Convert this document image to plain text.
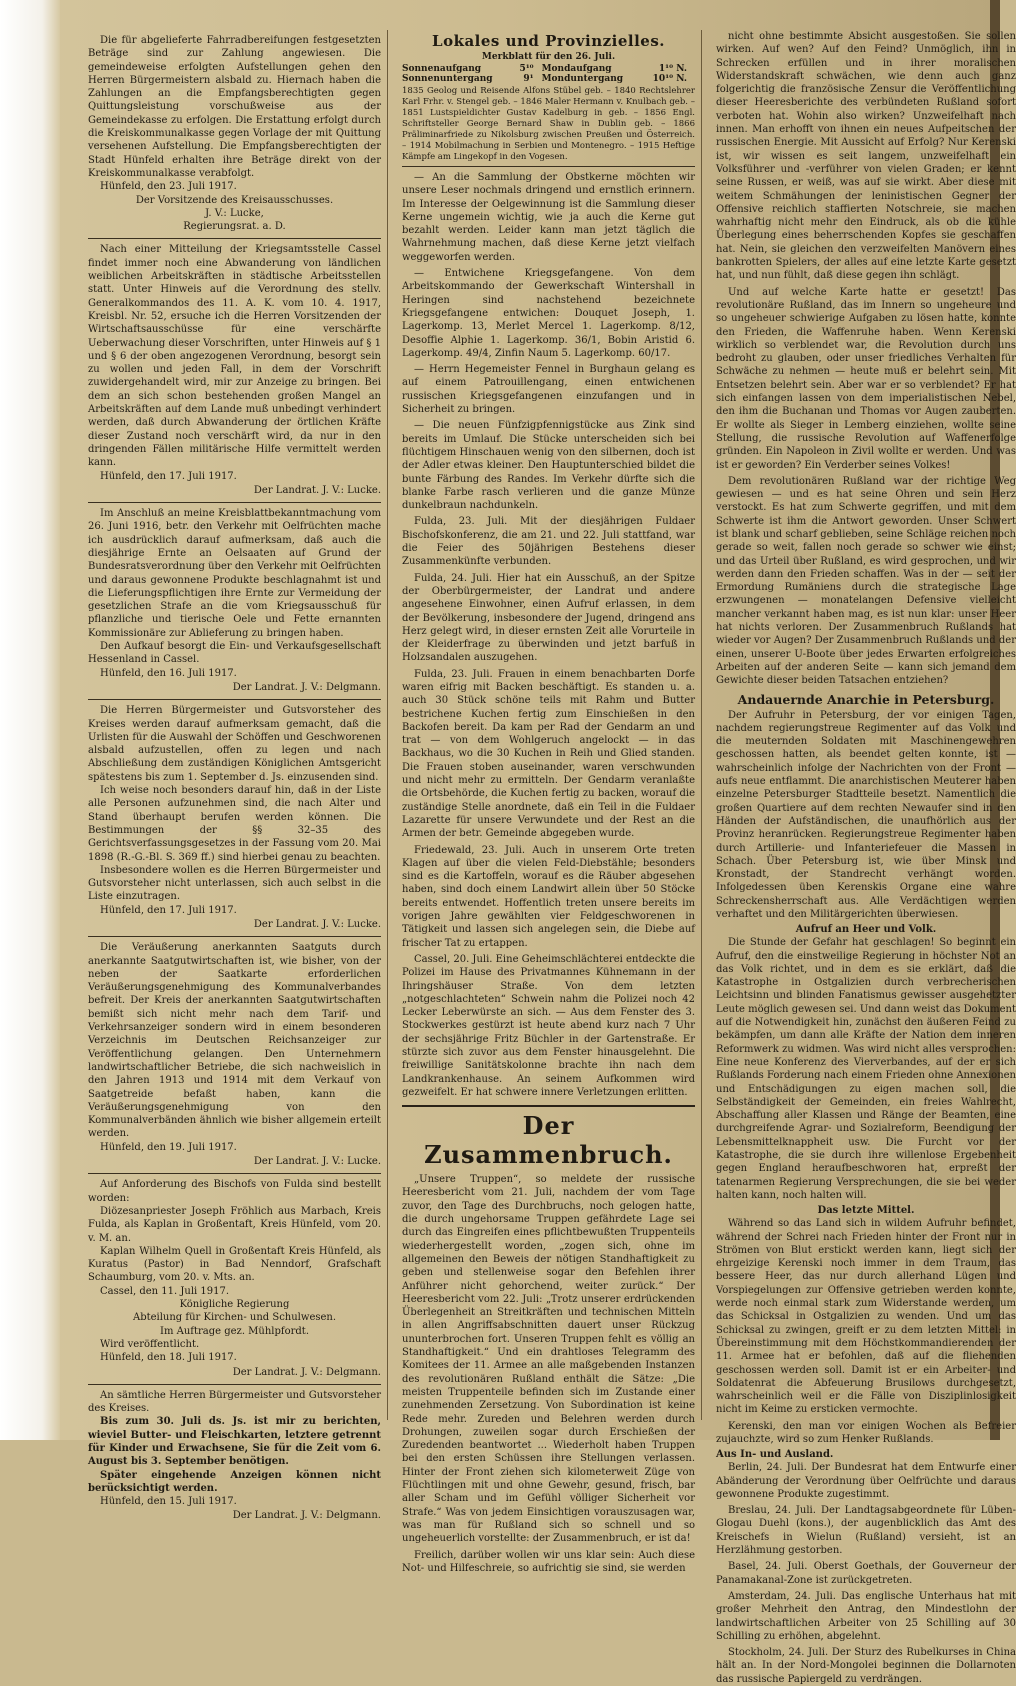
Die für abgelieferte Fahrradbereifungen festgesetzten Beträge sind zur Zahlung angewiesen. Die gemeindeweise erfolgten Aufstellungen gehen den Herren Bürgermeistern alsbald zu. Hiernach haben die Zahlungen an die Empfangsberechtigten gegen Quittungsleistung vorschußweise aus der Gemeindekasse zu erfolgen. Die Erstattung erfolgt durch die Kreiskommunalkasse gegen Vorlage der mit Quittung versehenen Aufstellung. Die Empfangsberechtigten der Stadt Hünfeld erhalten ihre Beträge direkt von der Kreiskommunalkasse verabfolgt.

Hünfeld, den 23. Juli 1917.

Der Vorsitzende des Kreisausschusses.

J. V.: Lucke,

Regierungsrat. a. D.

Nach einer Mitteilung der Kriegsamtsstelle Cassel findet immer noch eine Abwanderung von ländlichen weiblichen Arbeitskräften in städtische Arbeitsstellen statt. Unter Hinweis auf die Verordnung des stellv. Generalkommandos des 11. A. K. vom 10. 4. 1917, Kreisbl. Nr. 52, ersuche ich die Herren Vorsitzenden der Wirtschaftsausschüsse für eine verschärfte Ueberwachung dieser Vorschriften, unter Hinweis auf § 1 und § 6 der oben angezogenen Verordnung, besorgt sein zu wollen und jeden Fall, in dem der Vorschrift zuwidergehandelt wird, mir zur Anzeige zu bringen. Bei dem an sich schon bestehenden großen Mangel an Arbeitskräften auf dem Lande muß unbedingt verhindert werden, daß durch Abwanderung der örtlichen Kräfte dieser Zustand noch verschärft wird, da nur in den dringenden Fällen militärische Hilfe vermittelt werden kann.

Hünfeld, den 17. Juli 1917.

Der Landrat. J. V.: Lucke.

Im Anschluß an meine Kreisblattbekanntmachung vom 26. Juni 1916, betr. den Verkehr mit Oelfrüchten mache ich ausdrücklich darauf aufmerksam, daß auch die diesjährige Ernte an Oelsaaten auf Grund der Bundesratsverordnung über den Verkehr mit Oelfrüchten und daraus gewonnene Produkte beschlagnahmt ist und die Lieferungspflichtigen ihre Ernte zur Vermeidung der gesetzlichen Strafe an die vom Kriegsausschuß für pflanzliche und tierische Oele und Fette ernannten Kommissionäre zur Ablieferung zu bringen haben.

Den Aufkauf besorgt die Ein- und Verkaufsgesellschaft Hessenland in Cassel.

Hünfeld, den 16. Juli 1917.

Der Landrat. J. V.: Delgmann.

Die Herren Bürgermeister und Gutsvorsteher des Kreises werden darauf aufmerksam gemacht, daß die Urlisten für die Auswahl der Schöffen und Geschworenen alsbald aufzustellen, offen zu legen und nach Abschließung dem zuständigen Königlichen Amtsgericht spätestens bis zum 1. September d. Js. einzusenden sind.

Ich weise noch besonders darauf hin, daß in der Liste alle Personen aufzunehmen sind, die nach Alter und Stand überhaupt berufen werden können. Die Bestimmungen der §§ 32–35 des Gerichtsverfassungsgesetzes in der Fassung vom 20. Mai 1898 (R.-G.-Bl. S. 369 ff.) sind hierbei genau zu beachten.

Insbesondere wollen es die Herren Bürgermeister und Gutsvorsteher nicht unterlassen, sich auch selbst in die Liste einzutragen.

Hünfeld, den 17. Juli 1917.

Der Landrat. J. V.: Lucke.

Die Veräußerung anerkannten Saatguts durch anerkannte Saatgutwirtschaften ist, wie bisher, von der neben der Saatkarte erforderlichen Veräußerungsgenehmigung des Kommunalverbandes befreit. Der Kreis der anerkannten Saatgutwirtschaften bemißt sich nicht mehr nach dem Tarif- und Verkehrsanzeiger sondern wird in einem besonderen Verzeichnis im Deutschen Reichsanzeiger zur Veröffentlichung gelangen. Den Unternehmern landwirtschaftlicher Betriebe, die sich nachweislich in den Jahren 1913 und 1914 mit dem Verkauf von Saatgetreide befaßt haben, kann die Veräußerungsgenehmigung von den Kommunalverbänden ähnlich wie bisher allgemein erteilt werden.

Hünfeld, den 19. Juli 1917.

Der Landrat. J. V.: Lucke.

Auf Anforderung des Bischofs von Fulda sind bestellt worden:

Diözesanpriester Joseph Fröhlich aus Marbach, Kreis Fulda, als Kaplan in Großentaft, Kreis Hünfeld, vom 20. v. M. an.

Kaplan Wilhelm Quell in Großentaft Kreis Hünfeld, als Kuratus (Pastor) in Bad Nenndorf, Grafschaft Schaumburg, vom 20. v. Mts. an.

Cassel, den 11. Juli 1917.

Königliche Regierung

Abteilung für Kirchen- und Schulwesen.

Im Auftrage gez. Mühlpfordt.

Wird veröffentlicht.

Hünfeld, den 18. Juli 1917.

Der Landrat. J. V.: Delgmann.

An sämtliche Herren Bürgermeister und Gutsvorsteher des Kreises.

Bis zum 30. Juli ds. Js. ist mir zu berichten, wieviel Butter- und Fleischkarten, letztere getrennt für Kinder und Erwachsene, Sie für die Zeit vom 6. August bis 3. September benötigen.

Später eingehende Anzeigen können nicht berücksichtigt werden.

Hünfeld, den 15. Juli 1917.

Der Landrat. J. V.: Delgmann.

Lokales und Provinzielles.
Merkblatt für den 26. Juli.
Sonnenaufgang	5¹⁰	Mondaufgang	1¹⁰ N.
Sonnenuntergang	9¹	Monduntergang	10¹⁰ N.
1835 Geolog und Reisende Alfons Stübel geb. – 1840 Rechtslehrer Karl Frhr. v. Stengel geb. – 1846 Maler Hermann v. Knulbach geb. – 1851 Lustspieldichter Gustav Kadelburg in geb. – 1856 Engl. Schriftsteller George Bernard Shaw in Dublin geb. – 1866 Präliminarfriede zu Nikolsburg zwischen Preußen und Österreich. – 1914 Mobilmachung in Serbien und Montenegro. – 1915 Heftige Kämpfe am Lingekopf in den Vogesen.

— An die Sammlung der Obstkerne möchten wir unsere Leser nochmals dringend und ernstlich erinnern. Im Interesse der Oelgewinnung ist die Sammlung dieser Kerne ungemein wichtig, wie ja auch die Kerne gut bezahlt werden. Leider kann man jetzt täglich die Wahrnehmung machen, daß diese Kerne jetzt vielfach weggeworfen werden.

— Entwichene Kriegsgefangene. Von dem Arbeitskommando der Gewerkschaft Wintershall in Heringen sind nachstehend bezeichnete Kriegsgefangene entwichen: Douquet Joseph, 1. Lagerkomp. 13, Merlet Mercel 1. Lagerkomp. 8/12, Desoffie Alphie 1. Lagerkomp. 36/1, Bobin Aristid 6. Lagerkomp. 49/4, Zinfin Naum 5. Lagerkomp. 60/17.

— Herrn Hegemeister Fennel in Burghaun gelang es auf einem Patrouillengang, einen entwichenen russischen Kriegsgefangenen einzufangen und in Sicherheit zu bringen.

— Die neuen Fünfzigpfennigstücke aus Zink sind bereits im Umlauf. Die Stücke unterscheiden sich bei flüchtigem Hinschauen wenig von den silbernen, doch ist der Adler etwas kleiner. Den Hauptunterschied bildet die bunte Färbung des Randes. Im Verkehr dürfte sich die blanke Farbe rasch verlieren und die ganze Münze dunkelbraun nachdunkeln.

Fulda, 23. Juli. Mit der diesjährigen Fuldaer Bischofskonferenz, die am 21. und 22. Juli stattfand, war die Feier des 50jährigen Bestehens dieser Zusammenkünfte verbunden.

Fulda, 24. Juli. Hier hat ein Ausschuß, an der Spitze der Oberbürgermeister, der Landrat und andere angesehene Einwohner, einen Aufruf erlassen, in dem der Bevölkerung, insbesondere der Jugend, dringend ans Herz gelegt wird, in dieser ernsten Zeit alle Vorurteile in der Kleiderfrage zu überwinden und jetzt barfuß in Holzsandalen auszugehen.

Fulda, 23. Juli. Frauen in einem benachbarten Dorfe waren eifrig mit Backen beschäftigt. Es standen u. a. auch 30 Stück schöne teils mit Rahm und Butter bestrichene Kuchen fertig zum Einschießen in den Backofen bereit. Da kam per Rad der Gendarm an und trat — von dem Wohlgeruch angelockt — in das Backhaus, wo die 30 Kuchen in Reih und Glied standen. Die Frauen stoben auseinander, waren verschwunden und nicht mehr zu ermitteln. Der Gendarm veranlaßte die Ortsbehörde, die Kuchen fertig zu backen, worauf die zuständige Stelle anordnete, daß ein Teil in die Fuldaer Lazarette für unsere Verwundete und der Rest an die Armen der betr. Gemeinde abgegeben wurde.

Friedewald, 23. Juli. Auch in unserem Orte treten Klagen auf über die vielen Feld-Diebstähle; besonders sind es die Kartoffeln, worauf es die Räuber abgesehen haben, sind doch einem Landwirt allein über 50 Stöcke bereits entwendet. Hoffentlich treten unsere bereits im vorigen Jahre gewählten vier Feldgeschworenen in Tätigkeit und lassen sich angelegen sein, die Diebe auf frischer Tat zu ertappen.

Cassel, 20. Juli. Eine Geheimschlächterei entdeckte die Polizei im Hause des Privatmannes Kühnemann in der Ihringshäuser Straße. Von dem letzten „notgeschlachteten“ Schwein nahm die Polizei noch 42 Lecker Leberwürste an sich. — Aus dem Fenster des 3. Stockwerkes gestürzt ist heute abend kurz nach 7 Uhr der sechsjährige Fritz Büchler in der Gartenstraße. Er stürzte sich zuvor aus dem Fenster hinausgelehnt. Die freiwillige Sanitätskolonne brachte ihn nach dem Landkrankenhause. An seinem Aufkommen wird gezweifelt. Er hat schwere innere Verletzungen erlitten.

Der Zusammenbruch.

„Unsere Truppen“, so meldete der russische Heeresbericht vom 21. Juli, nachdem der vom Tage zuvor, den Tage des Durchbruchs, noch gelogen hatte, die durch ungehorsame Truppen gefährdete Lage sei durch das Eingreifen eines pflichtbewußten Truppenteils wiederhergestellt worden, „zogen sich, ohne im allgemeinen den Beweis der nötigen Standhaftigkeit zu geben und stellenweise sogar den Befehlen ihrer Anführer nicht gehorchend, weiter zurück.“ Der Heeresbericht vom 22. Juli: „Trotz unserer erdrückenden Überlegenheit an Streitkräften und technischen Mitteln in allen Angriffsabschnitten dauert unser Rückzug ununterbrochen fort. Unseren Truppen fehlt es völlig an Standhaftigkeit.“ Und ein drahtloses Telegramm des Komitees der 11. Armee an alle maßgebenden Instanzen des revolutionären Rußland enthält die Sätze: „Die meisten Truppenteile befinden sich im Zustande einer zunehmenden Zersetzung. Von Subordination ist keine Rede mehr. Zureden und Belehren werden durch Drohungen, zuweilen sogar durch Erschießen der Zuredenden beantwortet ... Wiederholt haben Truppen bei den ersten Schüssen ihre Stellungen verlassen. Hinter der Front ziehen sich kilometerweit Züge von Flüchtlingen mit und ohne Gewehr, gesund, frisch, bar aller Scham und im Gefühl völliger Sicherheit vor Strafe.“ Was von jedem Einsichtigen vorauszusagen war, was man für Rußland sich so schnell und so ungeheuerlich vorstellte: der Zusammenbruch, er ist da!

Freilich, darüber wollen wir uns klar sein: Auch diese Not- und Hilfeschreie, so aufrichtig sie sind, sie werden

nicht ohne bestimmte Absicht ausgestoßen. Sie sollen wirken. Auf wen? Auf den Feind? Unmöglich, ihn in Schrecken erfüllen und in ihrer moralischen Widerstandskraft schwächen, wie denn auch ganz folgerichtig die französische Zensur die Veröffentlichung dieser Heeresberichte des verbündeten Rußland sofort verboten hat. Wohin also wirken? Unzweifelhaft nach innen. Man erhofft von ihnen ein neues Aufpeitschen der russischen Energie. Mit Aussicht auf Erfolg? Nur Kerenski ist, wir wissen es seit langem, unzweifelhaft ein Volksführer und -verführer von vielen Graden; er kennt seine Russen, er weiß, was auf sie wirkt. Aber diese mit weitem Schmähungen der leninistischen Gegner der Offensive reichlich staffierten Notschreie, sie machen wahrhaftig nicht mehr den Eindruck, als ob die kühle Überlegung eines beherrschenden Kopfes sie geschaffen hat. Nein, sie gleichen den verzweifelten Manövern eines bankrotten Spielers, der alles auf eine letzte Karte gesetzt hat, und nun fühlt, daß diese gegen ihn schlägt.

Und auf welche Karte hatte er gesetzt! Das revolutionäre Rußland, das im Innern so ungeheure und so ungeheuer schwierige Aufgaben zu lösen hatte, konnte den Frieden, die Waffenruhe haben. Wenn Kerenski wirklich so verblendet war, die Revolution durch uns bedroht zu glauben, oder unser friedliches Verhalten für Schwäche zu nehmen — heute muß er belehrt sein. Mit Entsetzen belehrt sein. Aber war er so verblendet? Er hat sich einfangen lassen von dem imperialistischen Nebel, den ihm die Buchanan und Thomas vor Augen zauberten. Er wollte als Sieger in Lemberg einziehen, wollte seine Stellung, die russische Revolution auf Waffenerfolge gründen. Ein Napoleon in Zivil wollte er werden. Und was ist er geworden? Ein Verderber seines Volkes!

Dem revolutionären Rußland war der richtige Weg gewiesen — und es hat seine Ohren und sein Herz verstockt. Es hat zum Schwerte gegriffen, und mit dem Schwerte ist ihm die Antwort geworden. Unser Schwert ist blank und scharf geblieben, seine Schläge reichen noch gerade so weit, fallen noch gerade so schwer wie einst; und das Urteil über Rußland, es wird gesprochen, und wir werden dann den Frieden schaffen. Was in der — seit der Ermordung Rumäniens durch die strategische Lage erzwungenen — monatelangen Defensive vielleicht mancher verkannt haben mag, es ist nun klar: unser Heer hat nichts verloren. Der Zusammenbruch Rußlands hat wieder vor Augen? Der Zusammenbruch Rußlands und der einen, unserer U-Boote über jedes Erwarten erfolgreiches Arbeiten auf der anderen Seite — kann sich jemand dem Gewichte dieser beiden Tatsachen entziehen?

Andauernde Anarchie in Petersburg.

Der Aufruhr in Petersburg, der vor einigen Tagen, nachdem regierungstreue Regimenter auf das Volk und die meuternden Soldaten mit Maschinengewehren geschossen hatten, als beendet gelten konnte, ist — wahrscheinlich infolge der Nachrichten von der Front — aufs neue entflammt. Die anarchistischen Meuterer haben einzelne Petersburger Stadtteile besetzt. Namentlich die großen Quartiere auf dem rechten Newaufer sind in den Händen der Aufständischen, die unaufhörlich aus der Provinz heranrücken. Regierungstreue Regimenter haben durch Artillerie- und Infanteriefeuer die Massen in Schach. Über Petersburg ist, wie über Minsk und Kronstadt, der Standrecht verhängt worden. Infolgedessen üben Kerenskis Organe eine wahre Schreckensherrschaft aus. Alle Verdächtigen werden verhaftet und den Militärgerichten überwiesen.

Aufruf an Heer und Volk.

Die Stunde der Gefahr hat geschlagen! So beginnt ein Aufruf, den die einstweilige Regierung in höchster Not an das Volk richtet, und in dem es sie erklärt, daß die Katastrophe in Ostgalizien durch verbrecherischen Leichtsinn und blinden Fanatismus gewisser ausgehetzter Leute möglich gewesen sei. Und dann weist das Dokument auf die Notwendigkeit hin, zunächst den äußeren Feind zu bekämpfen, um dann alle Kräfte der Nation dem inneren Reformwerk zu widmen. Was wird nicht alles versprochen: Eine neue Konferenz des Vierverbandes, auf der er sich Rußlands Forderung nach einem Frieden ohne Annexionen und Entschädigungen zu eigen machen soll, die Selbständigkeit der Gemeinden, ein freies Wahlrecht, Abschaffung aller Klassen und Ränge der Beamten, eine durchgreifende Agrar- und Sozialreform, Beendigung der Lebensmittelknappheit usw. Die Furcht vor der Katastrophe, die sie durch ihre willenlose Ergebenheit gegen England heraufbeschworen hat, erpreßt der tatenarmen Regierung Versprechungen, die sie bei weder halten kann, noch halten will.

Das letzte Mittel.

Während so das Land sich in wildem Aufruhr befindet, während der Schrei nach Frieden hinter der Front nur in Strömen von Blut erstickt werden kann, liegt sich der ehrgeizige Kerenski noch immer in dem Traum, das bessere Heer, das nur durch allerhand Lügen und Vorspiegelungen zur Offensive getrieben werden konnte, werde noch einmal stark zum Widerstande werden, um das Schicksal in Ostgalizien zu wenden. Und um das Schicksal zu zwingen, greift er zu dem letzten Mittel: in Übereinstimmung mit dem Höchstkommandierenden der 11. Armee hat er befohlen, daß auf die fliehenden geschossen werden soll. Damit ist er ein Arbeiter- und Soldatenrat die Abfeuerung Brusilows durchgesetzt, wahrscheinlich weil er die Fälle von Disziplinlosigkeit nicht im Keime zu ersticken vermochte.

Kerenski, den man vor einigen Wochen als Befreier zujauchzte, wird so zum Henker Rußlands.

Aus In- und Ausland.

Berlin, 24. Juli. Der Bundesrat hat dem Entwurfe einer Abänderung der Verordnung über Oelfrüchte und daraus gewonnene Produkte zugestimmt.

Breslau, 24. Juli. Der Landtagsabgeordnete für Lüben-Glogau Duehl (kons.), der augenblicklich das Amt des Kreischefs in Wielun (Rußland) versieht, ist an Herzlähmung gestorben.

Basel, 24. Juli. Oberst Goethals, der Gouverneur der Panamakanal-Zone ist zurückgetreten.

Amsterdam, 24. Juli. Das englische Unterhaus hat mit großer Mehrheit den Antrag, den Mindestlohn der landwirtschaftlichen Arbeiter von 25 Schilling auf 30 Schilling zu erhöhen, abgelehnt.

Stockholm, 24. Juli. Der Sturz des Rubelkurses in China hält an. In der Nord-Mongolei beginnen die Dollarnoten das russische Papiergeld zu verdrängen.
